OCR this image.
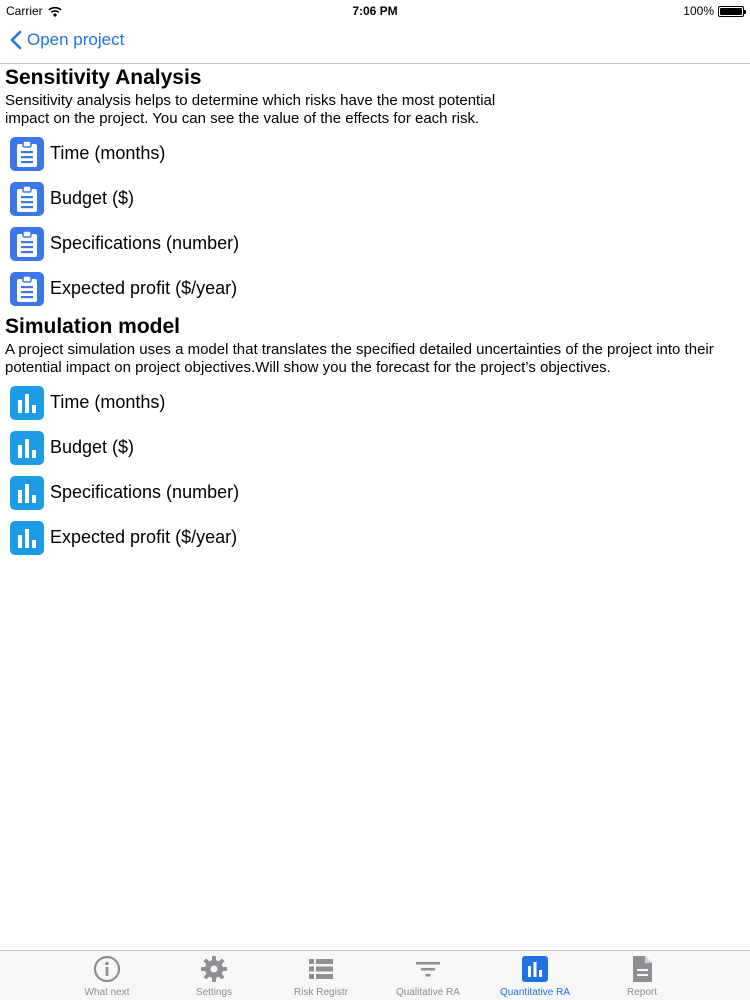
Carrier	7:06 PM	100%
Open project
Sensitivity Analysis

Sensitivity analysis helps to determine which risks have the most potential
impact on the project. You can see the value of the effects for each risk.

Time (months)
Budget ($)
Specifications (number)
Expected profit ($/year)
Simulation model

A project simulation uses a model that translates the specified detailed uncertainties of the project into their potential impact on project objectives.Will show you the forecast for the project’s objectives.

Time (months)
Budget ($)
Specifications (number)
Expected profit ($/year)
What next	Settings	Risk Registr	Qualitative RA	Quantitative RA	Report
